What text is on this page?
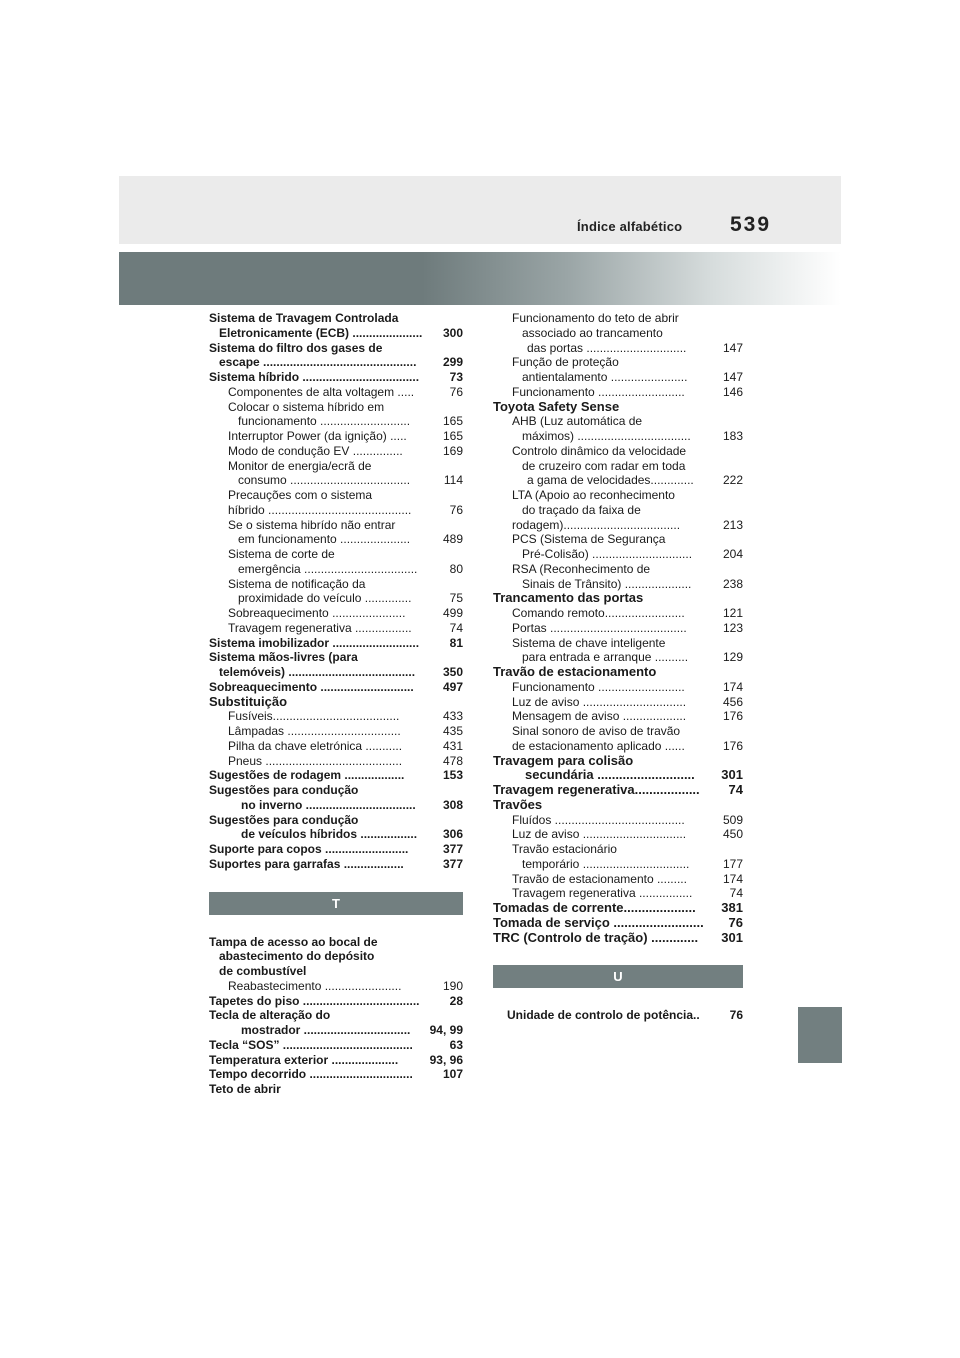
Índice alfabético 539
Sistema de Travagem Controlada
Eletronicamente (ECB) .....................	300
Sistema do filtro dos gases de
escape ..............................................	299
Sistema híbrido ...................................	73
Componentes de alta voltagem .....	76
Colocar o sistema híbrido em
funcionamento ...........................	165
Interruptor Power (da ignição) .....	165
Modo de condução EV ...............	169
Monitor de energia/ecrã de
consumo ....................................	114
Precauções com o sistema
híbrido ...........................................	76
Se o sistema hibrído não entrar
em funcionamento .....................	489
Sistema de corte de
emergência ..................................	80
Sistema de notificação da
proximidade do veículo ..............	75
Sobreaquecimento ......................	499
Travagem regenerativa .................	74
Sistema imobilizador ..........................	81
Sistema mãos-livres (para
telemóveis) ......................................	350
Sobreaquecimento ............................	497
Substituição
Fusíveis......................................	433
Lâmpadas ..................................	435
Pilha da chave eletrónica ...........	431
Pneus .........................................	478
Sugestões de rodagem ..................	153
Sugestões para condução
no inverno .................................	308
Sugestões para condução
de veículos híbridos .................	306
Suporte para copos .........................	377
Suportes para garrafas ..................	377
T
Tampa de acesso ao bocal de
abastecimento do depósito
de combustível
Reabastecimento .......................	190
Tapetes do piso ...................................	28
Tecla de alteração do
mostrador ................................	94, 99
Tecla “SOS” .......................................	63
Temperatura exterior ....................	93, 96
Tempo decorrido ...............................	107
Teto de abrir
Funcionamento do teto de abrir
associado ao trancamento
das portas ..............................	147
Função de proteção
antientalamento .......................	147
Funcionamento ..........................	146
Toyota Safety Sense
AHB (Luz automática de
máximos) ..................................	183
Controlo dinâmico da velocidade
de cruzeiro com radar em toda
a gama de velocidades.............	222
LTA (Apoio ao reconhecimento
do traçado da faixa de
rodagem)...................................	213
PCS (Sistema de Segurança
Pré-Colisão) ..............................	204
RSA (Reconhecimento de
Sinais de Trânsito) ....................	238
Trancamento das portas
Comando remoto........................	121
Portas .........................................	123
Sistema de chave inteligente
para entrada e arranque ..........	129
Travão de estacionamento
Funcionamento ..........................	174
Luz de aviso ...............................	456
Mensagem de aviso ...................	176
Sinal sonoro de aviso de travão
de estacionamento aplicado ......	176
Travagem para colisão
secundária ...........................	301
Travagem regenerativa..................	74
Travões
Fluídos .......................................	509
Luz de aviso ...............................	450
Travão estacionário
temporário ................................	177
Travão de estacionamento .........	174
Travagem regenerativa ................	74
Tomadas de corrente....................	381
Tomada de serviço .........................	76
TRC (Controlo de tração) .............	301
U
Unidade de controlo de potência..	76
